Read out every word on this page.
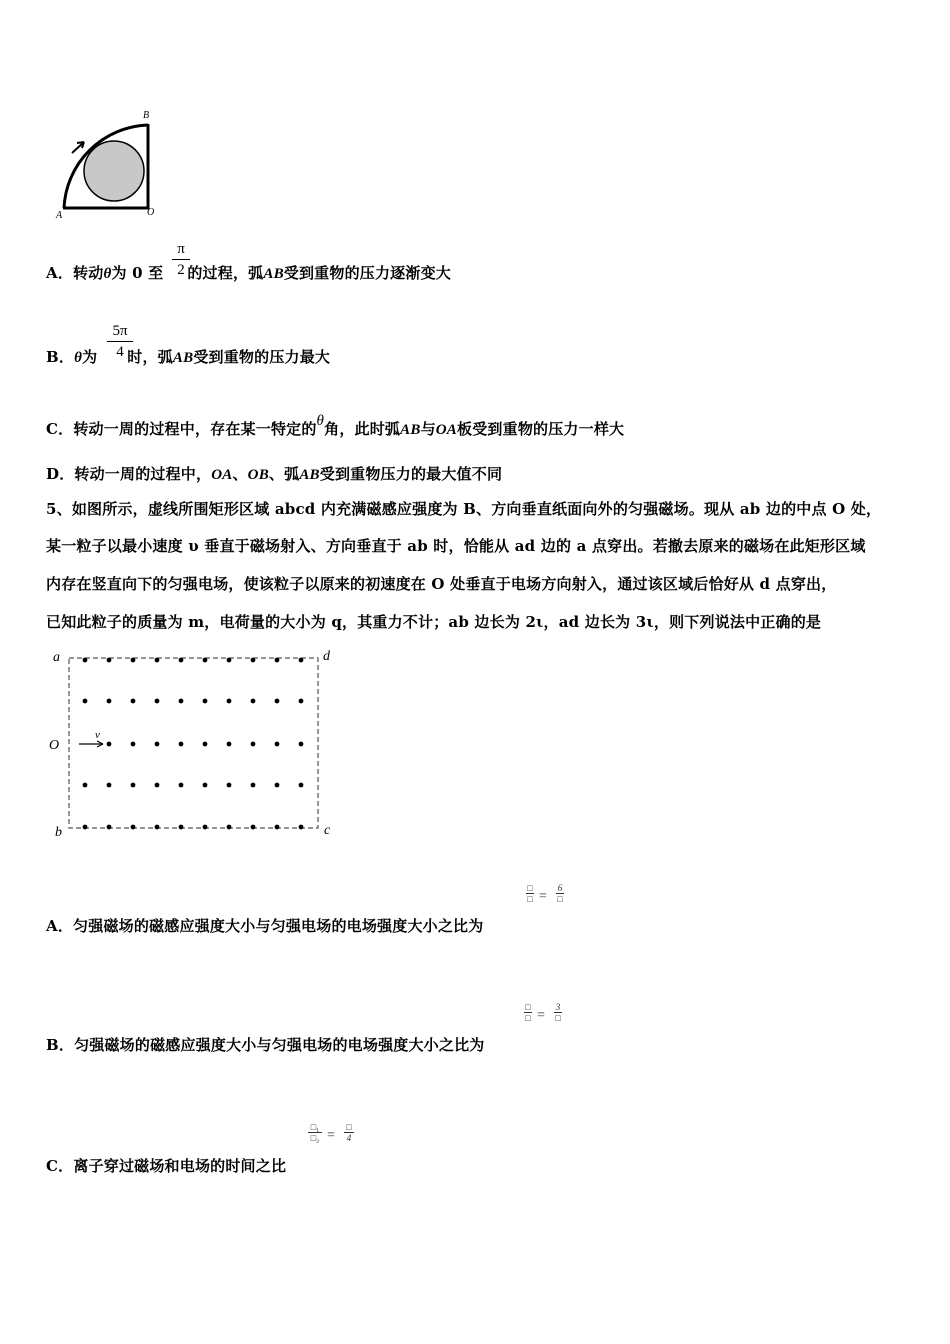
B
A	O
A．转动θ为 0 至 的过程，弧AB受到重物的压力逐渐变大
π
2
B．θ为 时，弧AB受到重物的压力最大
5π
4
C．转动一周的过程中，存在某一特定的θ角，此时弧AB与OA板受到重物的压力一样大
D．转动一周的过程中，OA、OB、弧AB受到重物压力的最大值不同
5、如图所示，虚线所围矩形区域 abcd 内充满磁感应强度为 B、方向垂直纸面向外的匀强磁场。现从 ab 边的中点 O 处，
某一粒子以最小速度 υ 垂直于磁场射入、方向垂直于 ab 时，恰能从 ad 边的 a 点穿出。若撤去原来的磁场在此矩形区域
内存在竖直向下的匀强电场，使该粒子以原来的初速度在 O 处垂直于电场方向射入，通过该区域后恰好从 d 点穿出，
已知此粒子的质量为 m，电荷量的大小为 q，其重力不计；ab 边长为 2ι，ad 边长为 3ι，则下列说法中正确的是
a	d
b	c
O
v
A．匀强磁场的磁感应强度大小与匀强电场的电场强度大小之比为
□
□ =
6
□
B．匀强磁场的磁感应强度大小与匀强电场的电场强度大小之比为
□
□ =
3
□
C．离子穿过磁场和电场的时间之比
□₁
□₂ =
□
4
